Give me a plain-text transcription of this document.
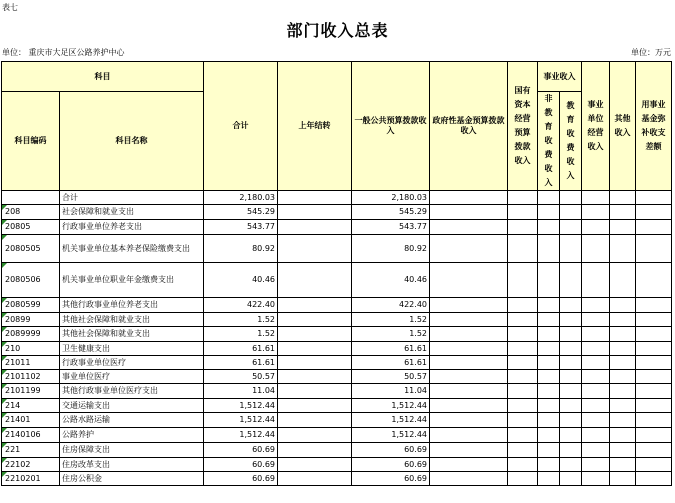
表七
部门收入总表
单位： 重庆市大足区公路养护中心	单位：万元
科目		合计	上年结转	一般公共预算拨款收入	政府性基金预算拨款收入	国有资本经营预算拨款收入	事业收入		事业单位经营收入	其他收入	用事业基金弥补收支差额
科目编码	科目名称						非教育收费收入	教育收费收入			

	合计	2,180.03		2,180.03							
208	社会保障和就业支出	545.29		545.29							
20805	行政事业单位养老支出	543.77		543.77							
2080505	机关事业单位基本养老保险缴费支出	80.92		80.92							
2080506	机关事业单位职业年金缴费支出	40.46		40.46							
2080599	其他行政事业单位养老支出	422.40		422.40							
20899	其他社会保障和就业支出	1.52		1.52							
2089999	其他社会保障和就业支出	1.52		1.52							
210	卫生健康支出	61.61		61.61							
21011	行政事业单位医疗	61.61		61.61							
2101102	事业单位医疗	50.57		50.57							
2101199	其他行政事业单位医疗支出	11.04		11.04							
214	交通运输支出	1,512.44		1,512.44							
21401	公路水路运输	1,512.44		1,512.44							
2140106	公路养护	1,512.44		1,512.44							
221	住房保障支出	60.69		60.69							
22102	住房改革支出	60.69		60.69							
2210201	住房公积金	60.69		60.69							
